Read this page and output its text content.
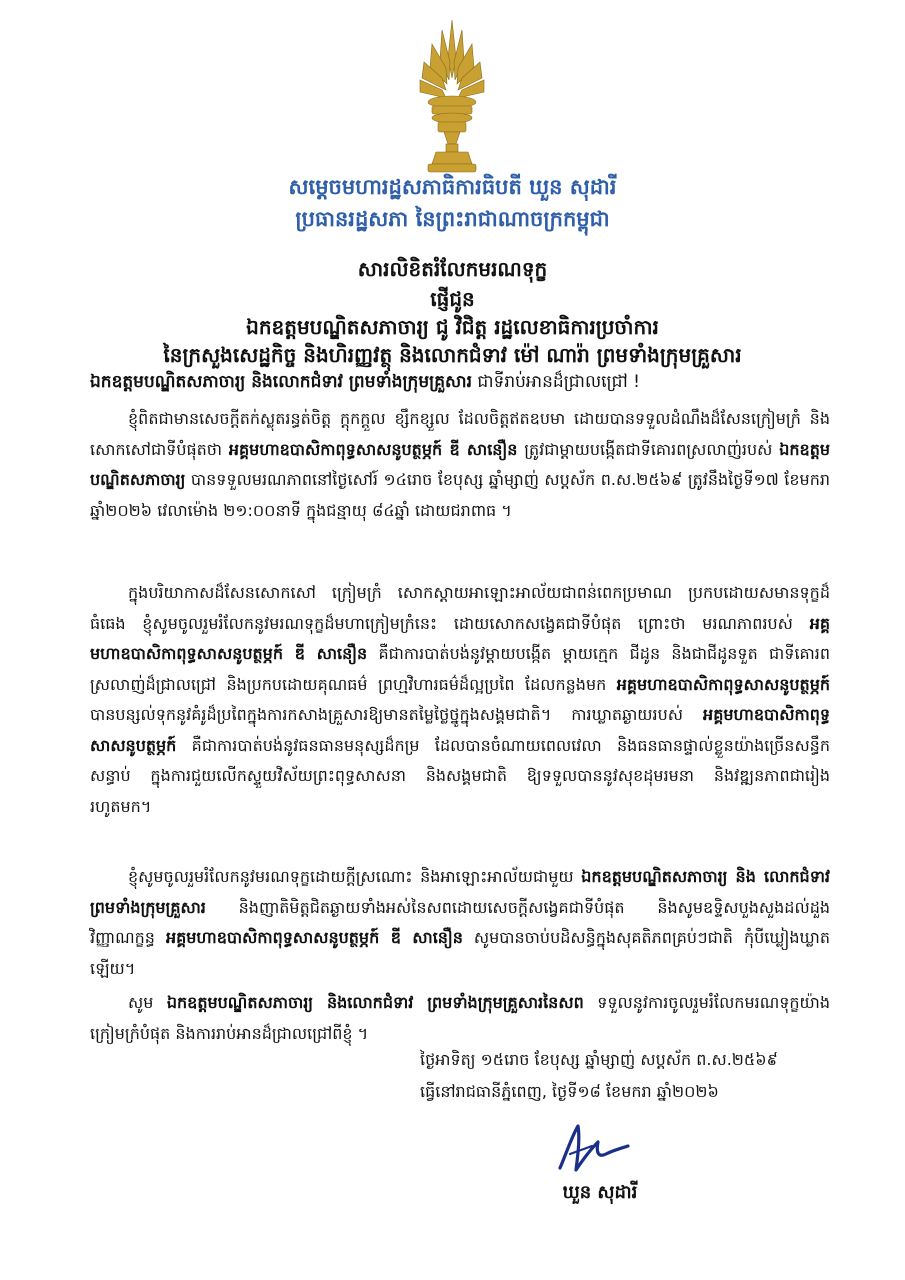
សម្តេចមហារដ្ឋសភាធិការធិបតី ឃួន សុដារី
ប្រធានរដ្ឋសភា នៃព្រះរាជាណាចក្រកម្ពុជា
សារលិខិតរំលែកមរណទុក្ខ
ផ្ញើជូន
ឯកឧត្តមបណ្ឌិតសភាចារ្យ ជូ វិជិត្ត រដ្ឋលេខាធិការប្រចាំការ
នៃក្រសួងសេដ្ឋកិច្ច និងហិរញ្ញវត្ថុ និងលោកជំទាវ ម៉ៅ ណារ៉ា ព្រមទាំងក្រុមគ្រួសារ
ឯកឧត្តមបណ្ឌិតសភាចារ្យ និងលោកជំទាវ ព្រមទាំងក្រុមគ្រួសារ ជាទីរាប់អានដ៏ជ្រាលជ្រៅ !
ខ្ញុំពិតជាមានសេចក្តីតក់ស្លុតរន្ធត់ចិត្ត ក្តុកក្តួល ខ្សឹកខ្សួល ដែលចិត្តឥតឧបមា ដោយបានទទួលដំណឹងដ៏សែនក្រៀមក្រំ និងសោកសៅជាទីបំផុតថា អគ្គមហាឧបាសិកាពុទ្ធសាសនូបត្ថម្ភក៍ ឌី សានឿន ត្រូវជាម្តាយបង្កើតជាទីគោរពស្រលាញ់របស់ ឯកឧត្តមបណ្ឌិតសភាចារ្យ បានទទួលមរណភាពនៅថ្ងៃសៅរ៍ ១៤រោច ខែបុស្ស ឆ្នាំម្សាញ់ សប្តស័ក ព.ស.២៥៦៩ ត្រូវនឹងថ្ងៃទី១៧ ខែមករា ឆ្នាំ២០២៦ វេលាម៉ោង ២១:០០នាទី ក្នុងជន្មាយុ ៨៤ឆ្នាំ ដោយជរាពាធ ។
ក្នុងបរិយាកាសដ៏សែនសោកសៅ ក្រៀមក្រំ សោកស្តាយអាឡោះអាល័យជាពន់ពេកប្រមាណ ប្រកបដោយសមានទុក្ខដ៏ធំធេង ខ្ញុំសូមចូលរួមរំលែកនូវមរណទុក្ខដ៏មហាក្រៀមក្រំនេះ ដោយសោកសង្វេគជាទីបំផុត ព្រោះថា មរណភាពរបស់ អគ្គមហាឧបាសិកាពុទ្ធសាសនូបត្ថម្ភក៍ ឌី សានឿន គឺជាការបាត់បង់នូវម្តាយបង្កើត ម្តាយក្មេក ជីដូន និងជាជីដូនទួត ជាទីគោរពស្រលាញ់ដ៏ជ្រាលជ្រៅ និងប្រកបដោយគុណធម៌ ព្រហ្មវិហារធម៌ដ៏ល្អប្រពៃ ដែលកន្លងមក អគ្គមហាឧបាសិកាពុទ្ធសាសនូបត្ថម្ភក៍ បានបន្សល់ទុកនូវគំរូដ៏ប្រពៃក្នុងការកសាងគ្រួសារឱ្យមានតម្លៃថ្លៃថ្នូក្នុងសង្គមជាតិ។ ការឃ្លាតឆ្ងាយរបស់ អគ្គមហាឧបាសិកាពុទ្ធសាសនូបត្ថម្ភក៍ គឺជាការបាត់បង់នូវធនធានមនុស្សដ៏កម្រ ដែលបានចំណាយពេលវេលា និងធនធានផ្ទាល់ខ្លួនយ៉ាងច្រើនសន្ធឹកសន្ធាប់ ក្នុងការជួយលើកស្ទួយវិស័យព្រះពុទ្ធសាសនា និងសង្គមជាតិ ឱ្យទទួលបាននូវសុខដុមរមនា និងវឌ្ឍនភាពជារៀងរហូតមក។
ខ្ញុំសូមចូលរួមរំលែកនូវមរណទុក្ខដោយក្តីស្រណោះ និងអាឡោះអាល័យជាមួយ ឯកឧត្តមបណ្ឌិតសភាចារ្យ និង លោកជំទាវ ព្រមទាំងក្រុមគ្រួសារ និងញាតិមិត្តជិតឆ្ងាយទាំងអស់នៃសពដោយសេចក្តីសង្វេគជាទីបំផុត និងសូមឧទ្ទិសបួងសួងដល់ដួងវិញ្ញាណក្ខន្ធ អគ្គមហាឧបាសិកាពុទ្ធសាសនូបត្ថម្ភក៍ ឌី សានឿន សូមបានចាប់បដិសន្ធិក្នុងសុគតិភពគ្រប់ៗជាតិ កុំបីឃ្លៀងឃ្លាតឡើយ។
សូម ឯកឧត្តមបណ្ឌិតសភាចារ្យ និងលោកជំទាវ ព្រមទាំងក្រុមគ្រួសារនៃសព ទទួលនូវការចូលរួមរំលែកមរណទុក្ខយ៉ាងក្រៀមក្រំបំផុត និងការរាប់អានដ៏ជ្រាលជ្រៅពីខ្ញុំ ។
ថ្ងៃអាទិត្យ ១៥រោច ខែបុស្ស ឆ្នាំម្សាញ់ សប្តស័ក ព.ស.២៥៦៩
ធ្វើនៅរាជធានីភ្នំពេញ, ថ្ងៃទី១៨ ខែមករា ឆ្នាំ២០២៦
ឃួន សុដារី
